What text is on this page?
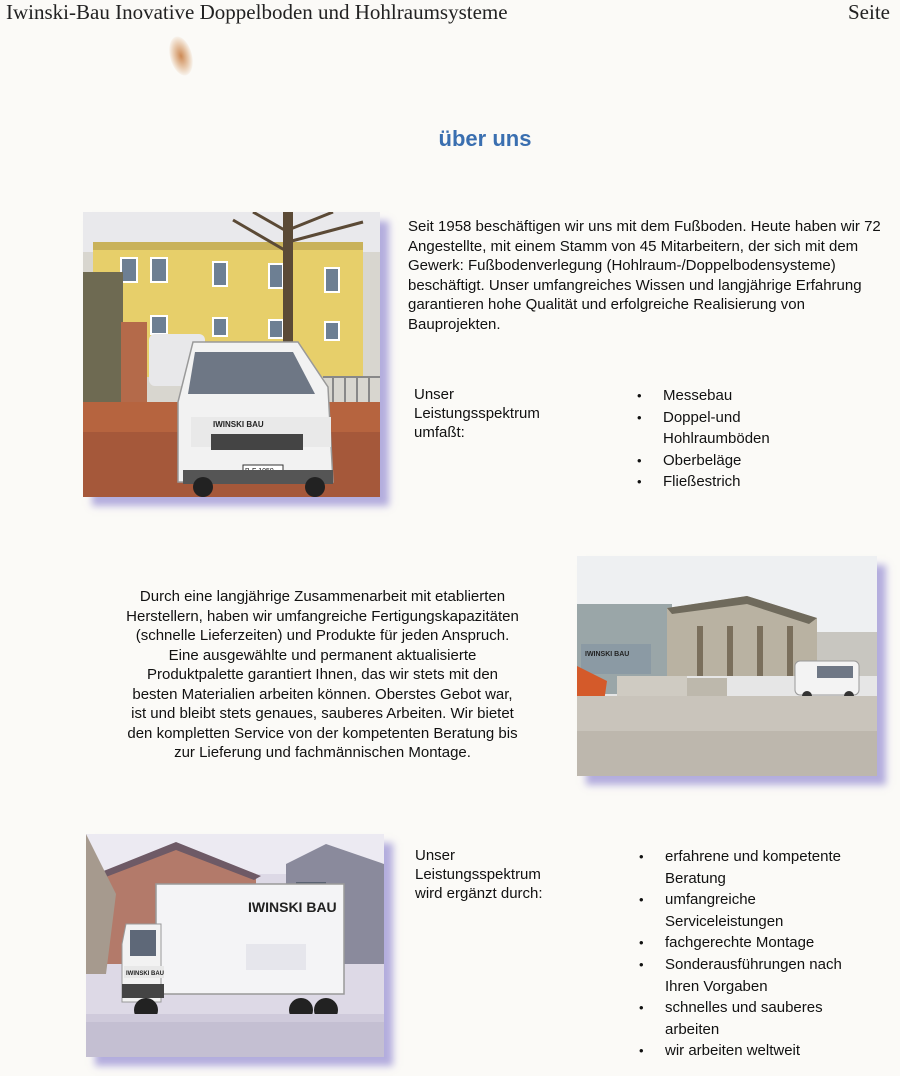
Iwinski-Bau Inovative Doppelboden und Hohlraumsysteme	Seite
über uns
IWINSKI BAU
Seit 1958 beschäftigen wir uns mit dem Fußboden. Heute haben wir 72 Angestellte, mit einem Stamm von 45 Mitarbeitern, der sich mit dem Gewerk: Fußbodenverlegung (Hohlraum-/Doppelbodensysteme) beschäftigt. Unser umfangreiches Wissen und langjährige Erfahrung garantieren hohe Qualität und erfolgreiche Realisierung von Bauprojekten.
Unser
Leistungsspektrum
umfaßt:
• Messebau
• Doppel-und Hohlraumböden
• Oberbeläge
• Fließestrich
Durch eine langjährige Zusammenarbeit mit etablierten
Herstellern, haben wir umfangreiche Fertigungskapazitäten
(schnelle Lieferzeiten) und Produkte für jeden Anspruch.
Eine ausgewählte und permanent aktualisierte
Produktpalette garantiert Ihnen, das wir stets mit den
besten Materialien arbeiten können. Oberstes Gebot war,
ist und bleibt stets genaues, sauberes Arbeiten. Wir bietet
den kompletten Service von der kompetenten Beratung bis
zur Lieferung und fachmännischen Montage.
IWINSKI BAU
IWINSKI BAU
IWINSKI BAU
Unser
Leistungsspektrum
wird ergänzt durch:
• erfahrene und kompetente
Beratung
• umfangreiche
Serviceleistungen
• fachgerechte Montage
• Sonderausführungen nach
Ihren Vorgaben
• schnelles und sauberes
arbeiten
• wir arbeiten weltweit
